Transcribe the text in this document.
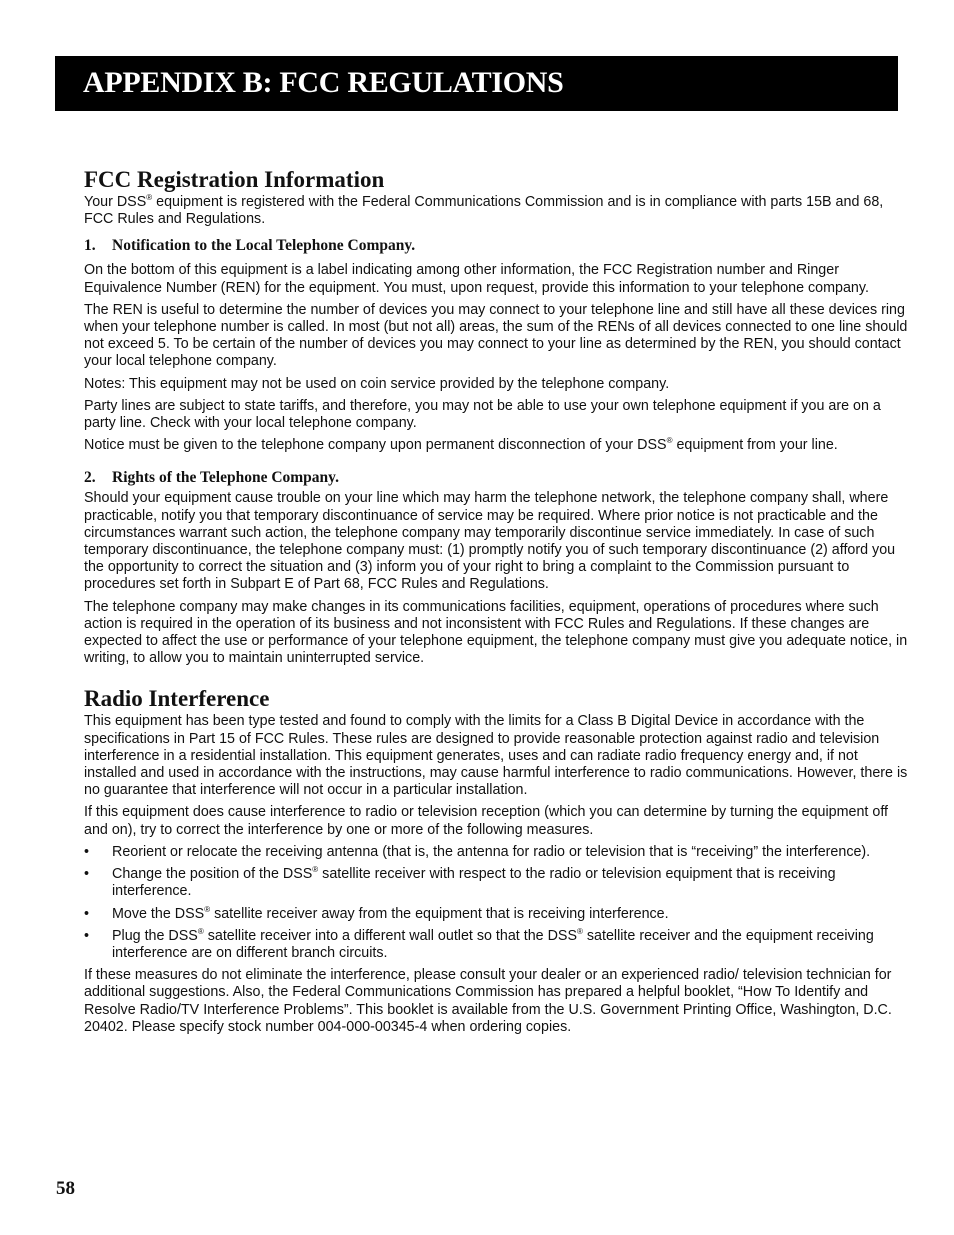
APPENDIX B: FCC REGULATIONS
FCC Registration Information

Your DSS® equipment is registered with the Federal Communications Commission and is in compliance with parts 15B and 68, FCC Rules and Regulations.

1. Notification to the Local Telephone Company.

On the bottom of this equipment is a label indicating among other information, the FCC Registration number and Ringer Equivalence Number (REN) for the equipment. You must, upon request, provide this information to your telephone company.

The REN is useful to determine the number of devices you may connect to your telephone line and still have all these devices ring when your telephone number is called. In most (but not all) areas, the sum of the RENs of all devices connected to one line should not exceed 5. To be certain of the number of devices you may connect to your line as determined by the REN, you should contact your local telephone company.

Notes: This equipment may not be used on coin service provided by the telephone company.

Party lines are subject to state tariffs, and therefore, you may not be able to use your own telephone equipment if you are on a party line. Check with your local telephone company.

Notice must be given to the telephone company upon permanent disconnection of your DSS® equipment from your line.

2. Rights of the Telephone Company.

Should your equipment cause trouble on your line which may harm the telephone network, the telephone company shall, where practicable, notify you that temporary discontinuance of service may be required. Where prior notice is not practicable and the circumstances warrant such action, the telephone company may temporarily discontinue service immediately. In case of such temporary discontinuance, the telephone company must: (1) promptly notify you of such temporary discontinuance (2) afford you the opportunity to correct the situation and (3) inform you of your right to bring a complaint to the Commission pursuant to procedures set forth in Subpart E of Part 68, FCC Rules and Regulations.

The telephone company may make changes in its communications facilities, equipment, operations of procedures where such action is required in the operation of its business and not inconsistent with FCC Rules and Regulations. If these changes are expected to affect the use or performance of your telephone equipment, the telephone company must give you adequate notice, in writing, to allow you to maintain uninterrupted service.

Radio Interference

This equipment has been type tested and found to comply with the limits for a Class B Digital Device in accordance with the specifications in Part 15 of FCC Rules. These rules are designed to provide reasonable protection against radio and television interference in a residential installation. This equipment generates, uses and can radiate radio frequency energy and, if not installed and used in accordance with the instructions, may cause harmful interference to radio communications. However, there is no guarantee that interference will not occur in a particular installation.

If this equipment does cause interference to radio or television reception (which you can determine by turning the equipment off and on), try to correct the interference by one or more of the following measures.

• Reorient or relocate the receiving antenna (that is, the antenna for radio or television that is “receiving” the interference).
• Change the position of the DSS® satellite receiver with respect to the radio or television equipment that is receiving interference.
• Move the DSS® satellite receiver away from the equipment that is receiving interference.
• Plug the DSS® satellite receiver into a different wall outlet so that the DSS® satellite receiver and the equipment receiving interference are on different branch circuits.

If these measures do not eliminate the interference, please consult your dealer or an experienced radio/ television technician for additional suggestions. Also, the Federal Communications Commission has prepared a helpful booklet, “How To Identify and Resolve Radio/TV Interference Problems”. This booklet is available from the U.S. Government Printing Office, Washington, D.C. 20402. Please specify stock number 004-000-00345-4 when ordering copies.

58
